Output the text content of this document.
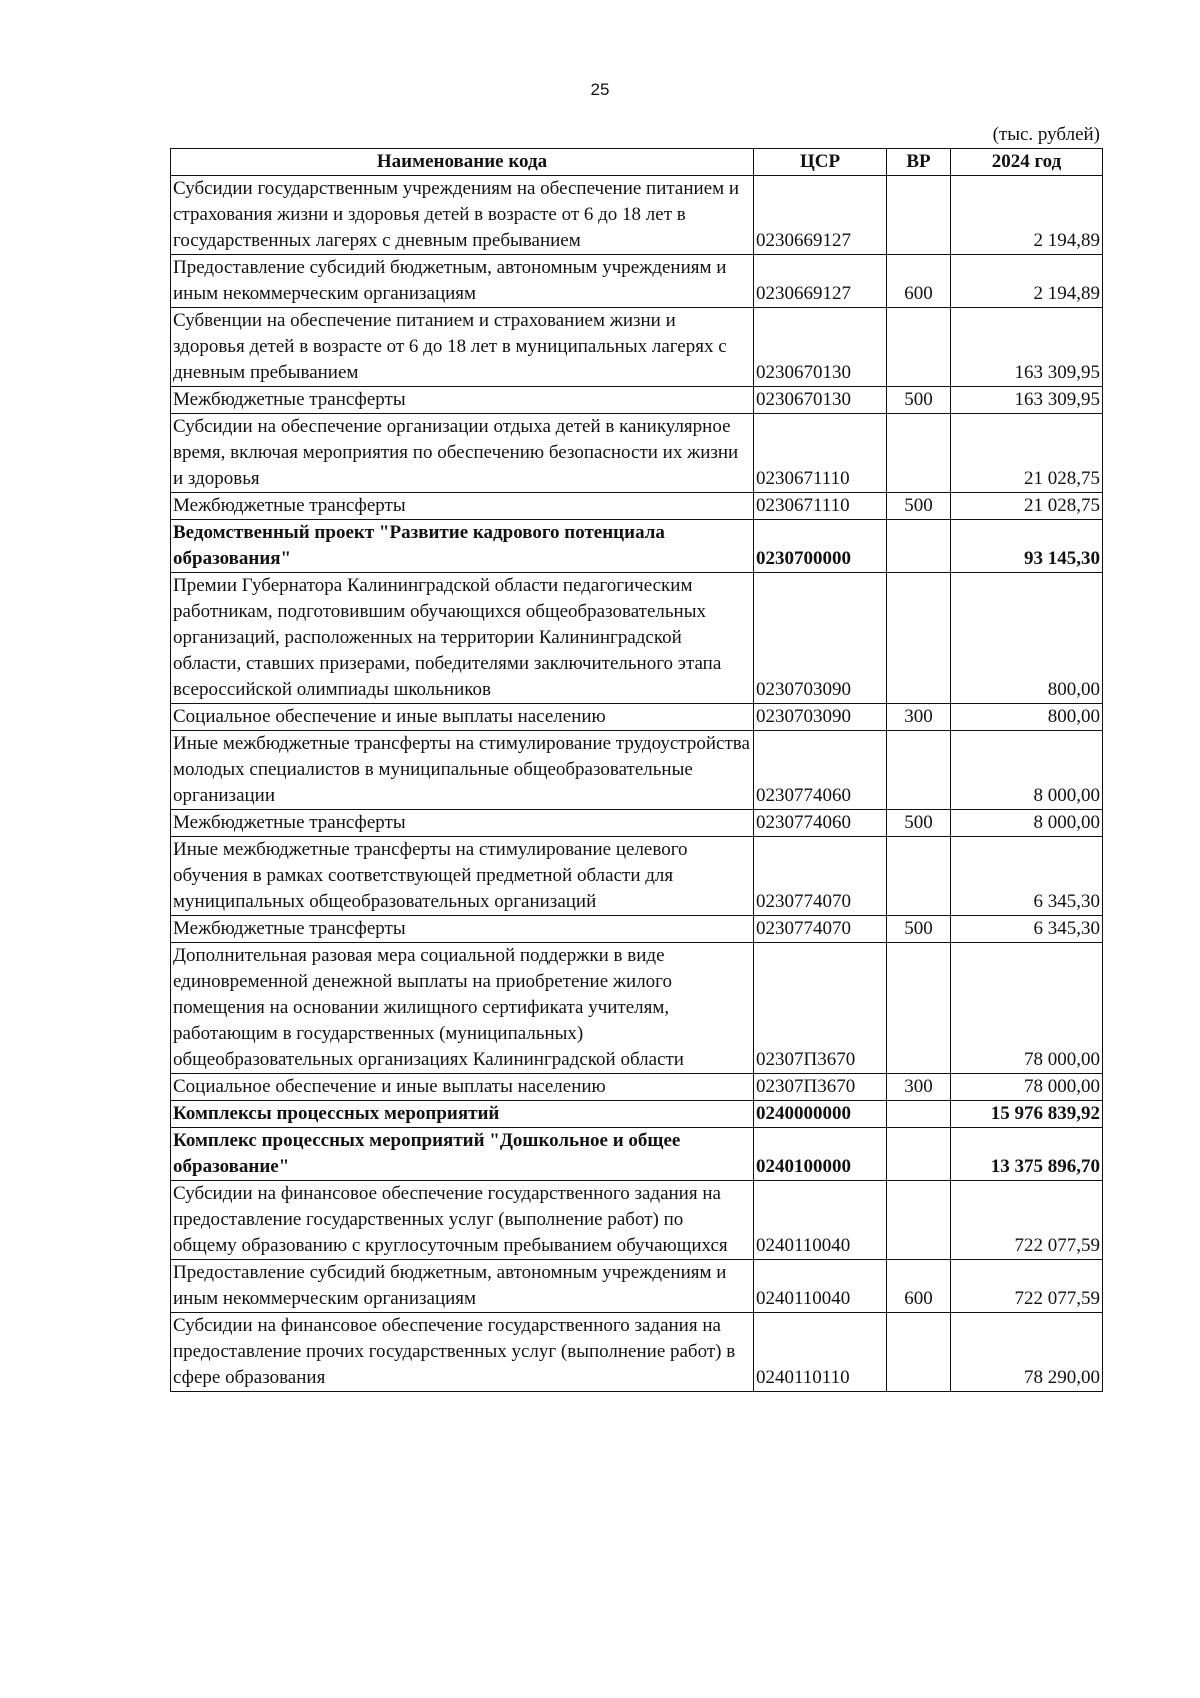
25
(тыс. рублей)
Наименование кода	ЦСР	ВР	2024 год
Субсидии государственным учреждениям на обеспечение питанием и страхования жизни и здоровья детей в возрасте от 6 до 18 лет в государственных лагерях с дневным пребыванием	0230669127		2 194,89
Предоставление субсидий бюджетным, автономным учреждениям и иным некоммерческим организациям	0230669127	600	2 194,89
Субвенции на обеспечение питанием и страхованием жизни и здоровья детей в возрасте от 6 до 18 лет в муниципальных лагерях с дневным пребыванием	0230670130		163 309,95
Межбюджетные трансферты	0230670130	500	163 309,95
Субсидии на обеспечение организации отдыха детей в каникулярное время, включая мероприятия по обеспечению безопасности их жизни и здоровья	0230671110		21 028,75
Межбюджетные трансферты	0230671110	500	21 028,75
Ведомственный проект "Развитие кадрового потенциала образования"	0230700000		93 145,30
Премии Губернатора Калининградской области педагогическим работникам, подготовившим обучающихся общеобразовательных организаций, расположенных на территории Калининградской области, ставших призерами, победителями заключительного этапа всероссийской олимпиады школьников	0230703090		800,00
Социальное обеспечение и иные выплаты населению	0230703090	300	800,00
Иные межбюджетные трансферты на стимулирование трудоустройства молодых специалистов в муниципальные общеобразовательные организации	0230774060		8 000,00
Межбюджетные трансферты	0230774060	500	8 000,00
Иные межбюджетные трансферты на стимулирование целевого обучения в рамках соответствующей предметной области для муниципальных общеобразовательных организаций	0230774070		6 345,30
Межбюджетные трансферты	0230774070	500	6 345,30
Дополнительная разовая мера социальной поддержки в виде единовременной денежной выплаты на приобретение жилого помещения на основании жилищного сертификата учителям, работающим в государственных (муниципальных) общеобразовательных организациях Калининградской области	02307П3670		78 000,00
Социальное обеспечение и иные выплаты населению	02307П3670	300	78 000,00
Комплексы процессных мероприятий	0240000000		15 976 839,92
Комплекс процессных мероприятий "Дошкольное и общее образование"	0240100000		13 375 896,70
Субсидии на финансовое обеспечение государственного задания на предоставление государственных услуг (выполнение работ) по общему образованию с круглосуточным пребыванием обучающихся	0240110040		722 077,59
Предоставление субсидий бюджетным, автономным учреждениям и иным некоммерческим организациям	0240110040	600	722 077,59
Субсидии на финансовое обеспечение государственного задания на предоставление прочих государственных услуг (выполнение работ) в сфере образования	0240110110		78 290,00
